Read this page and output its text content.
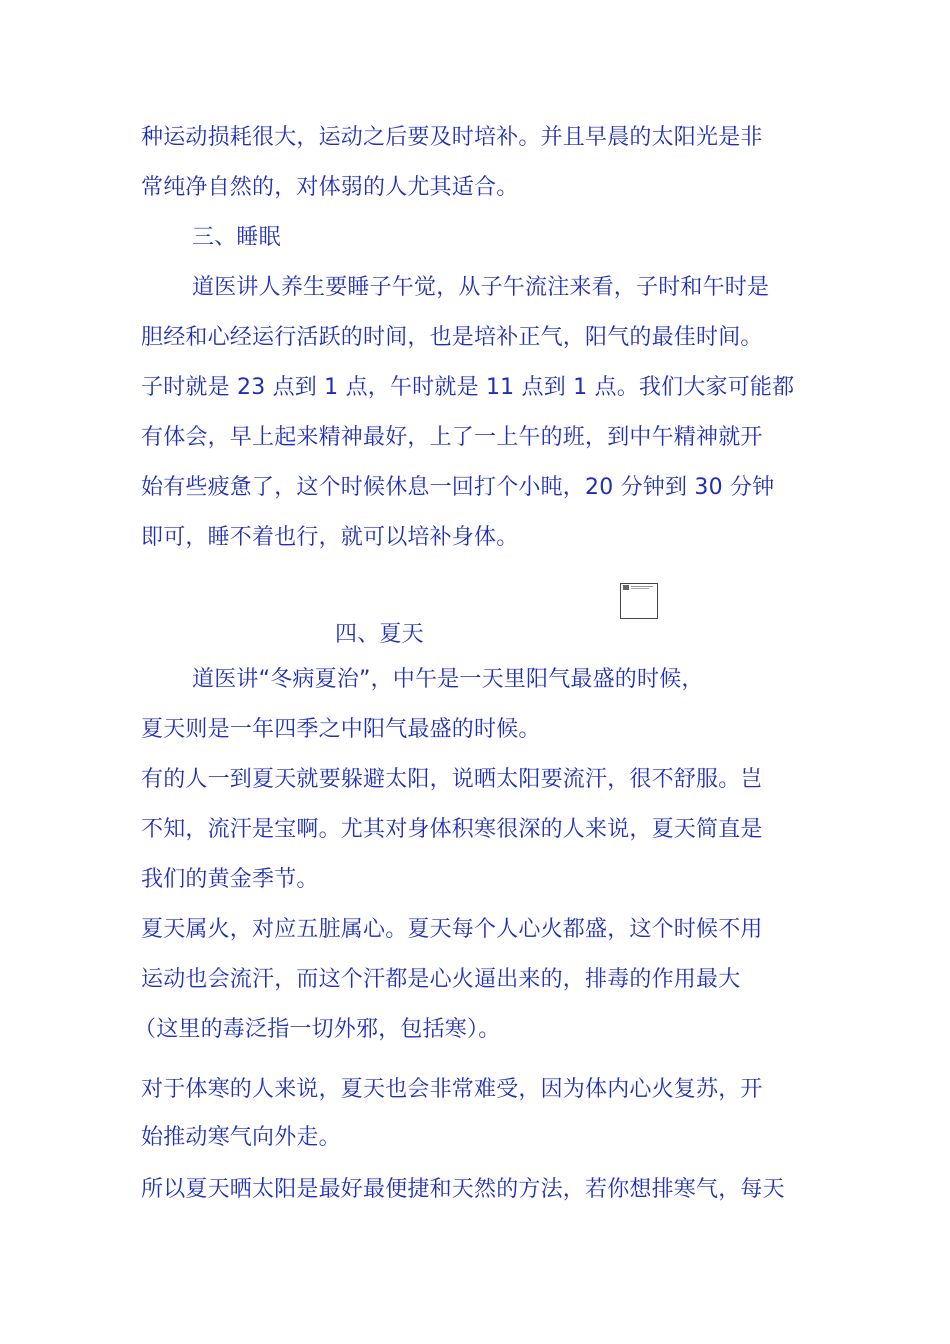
种运动损耗很大，运动之后要及时培补。并且早晨的太阳光是非

常纯净自然的，对体弱的人尤其适合。

三、睡眠

道医讲人养生要睡子午觉，从子午流注来看，子时和午时是

胆经和心经运行活跃的时间，也是培补正气，阳气的最佳时间。

子时就是 23 点到 1 点，午时就是 11 点到 1 点。我们大家可能都

有体会，早上起来精神最好，上了一上午的班，到中午精神就开

始有些疲惫了，这个时候休息一回打个小盹，20 分钟到 30 分钟

即可，睡不着也行，就可以培补身体。

四、夏天

道医讲“冬病夏治”，中午是一天里阳气最盛的时候，

夏天则是一年四季之中阳气最盛的时候。

有的人一到夏天就要躲避太阳，说晒太阳要流汗，很不舒服。岂

不知，流汗是宝啊。尤其对身体积寒很深的人来说，夏天简直是

我们的黄金季节。

夏天属火，对应五脏属心。夏天每个人心火都盛，这个时候不用

运动也会流汗，而这个汗都是心火逼出来的，排毒的作用最大

（这里的毒泛指一切外邪，包括寒）。

对于体寒的人来说，夏天也会非常难受，因为体内心火复苏，开

始推动寒气向外走。

所以夏天晒太阳是最好最便捷和天然的方法，若你想排寒气，每天
